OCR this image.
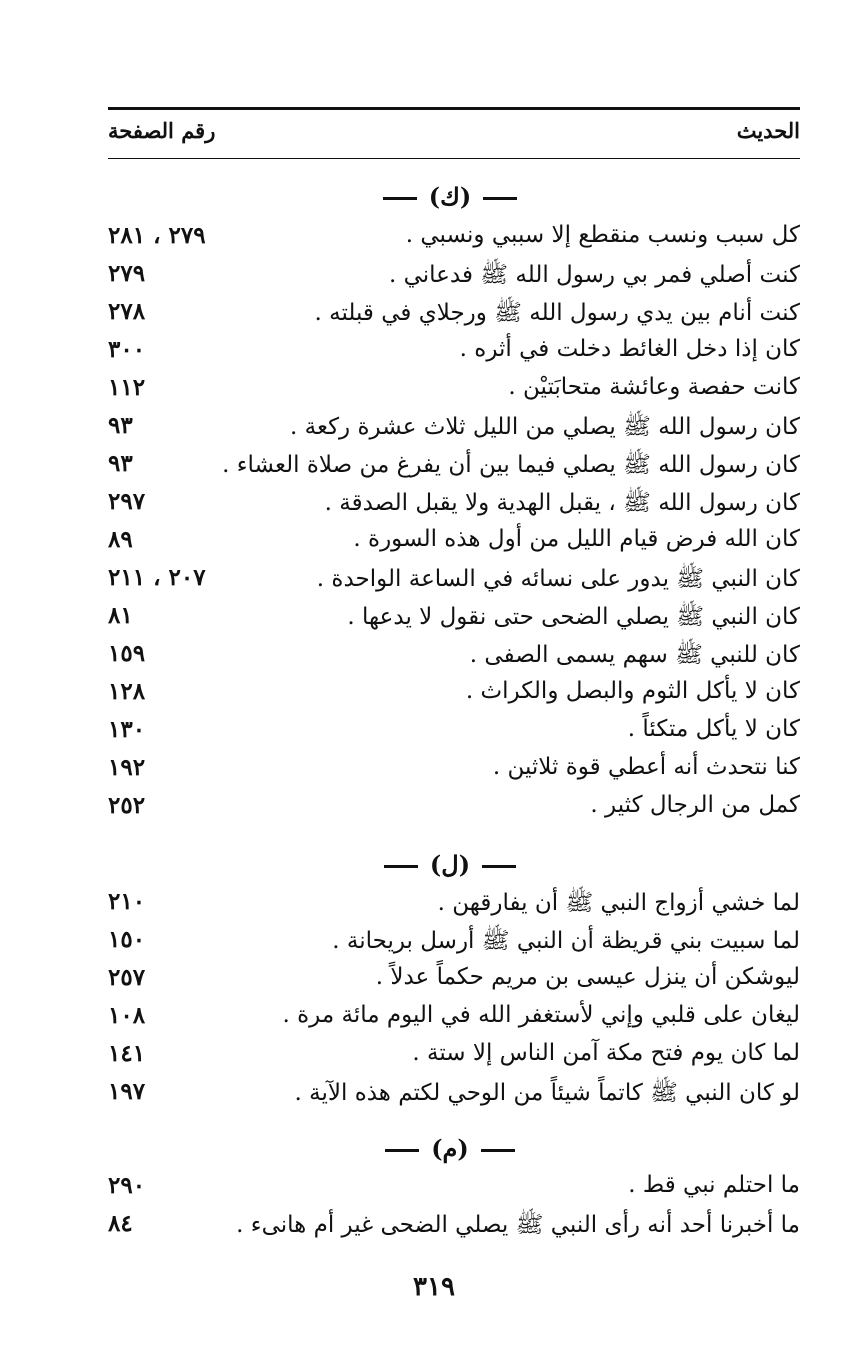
الحديث
رقم الصفحة
(ك)
كل سبب ونسب منقطع إلا سببي ونسبي .
٢٧٩ ، ٢٨١
كنت أصلي فمر بي رسول الله ﷺ فدعاني .
٢٧٩
كنت أنام بين يدي رسول الله ﷺ ورجلاي في قبلته .
٢٧٨
كان إذا دخل الغائط دخلت في أثره .
٣٠٠
كانت حفصة وعائشة متحابَتيْن .
١١٢
كان رسول الله ﷺ يصلي من الليل ثلاث عشرة ركعة .
٩٣
كان رسول الله ﷺ يصلي فيما بين أن يفرغ من صلاة العشاء .
٩٣
كان رسول الله ﷺ ، يقبل الهدية ولا يقبل الصدقة .
٢٩٧
كان الله فرض قيام الليل من أول هذه السورة .
٨٩
كان النبي ﷺ يدور على نسائه في الساعة الواحدة .
٢٠٧ ، ٢١١
كان النبي ﷺ يصلي الضحى حتى نقول لا يدعها .
٨١
كان للنبي ﷺ سهم يسمى الصفى .
١٥٩
كان لا يأكل الثوم والبصل والكراث .
١٢٨
كان لا يأكل متكئاً .
١٣٠
كنا نتحدث أنه أعطي قوة ثلاثين .
١٩٢
كمل من الرجال كثير .
٢٥٢
(ل)
لما خشي أزواج النبي ﷺ أن يفارقهن .
٢١٠
لما سبيت بني قريظة أن النبي ﷺ أرسل بريحانة .
١٥٠
ليوشكن أن ينزل عيسى بن مريم حكماً عدلاً .
٢٥٧
ليغان على قلبي وإني لأستغفر الله في اليوم مائة مرة .
١٠٨
لما كان يوم فتح مكة آمن الناس إلا ستة .
١٤١
لو كان النبي ﷺ كاتماً شيئاً من الوحي لكتم هذه الآية .
١٩٧
(م)
ما احتلم نبي قط .
٢٩٠
ما أخبرنا أحد أنه رأى النبي ﷺ يصلي الضحى غير أم هانىء .
٨٤
٣١٩
